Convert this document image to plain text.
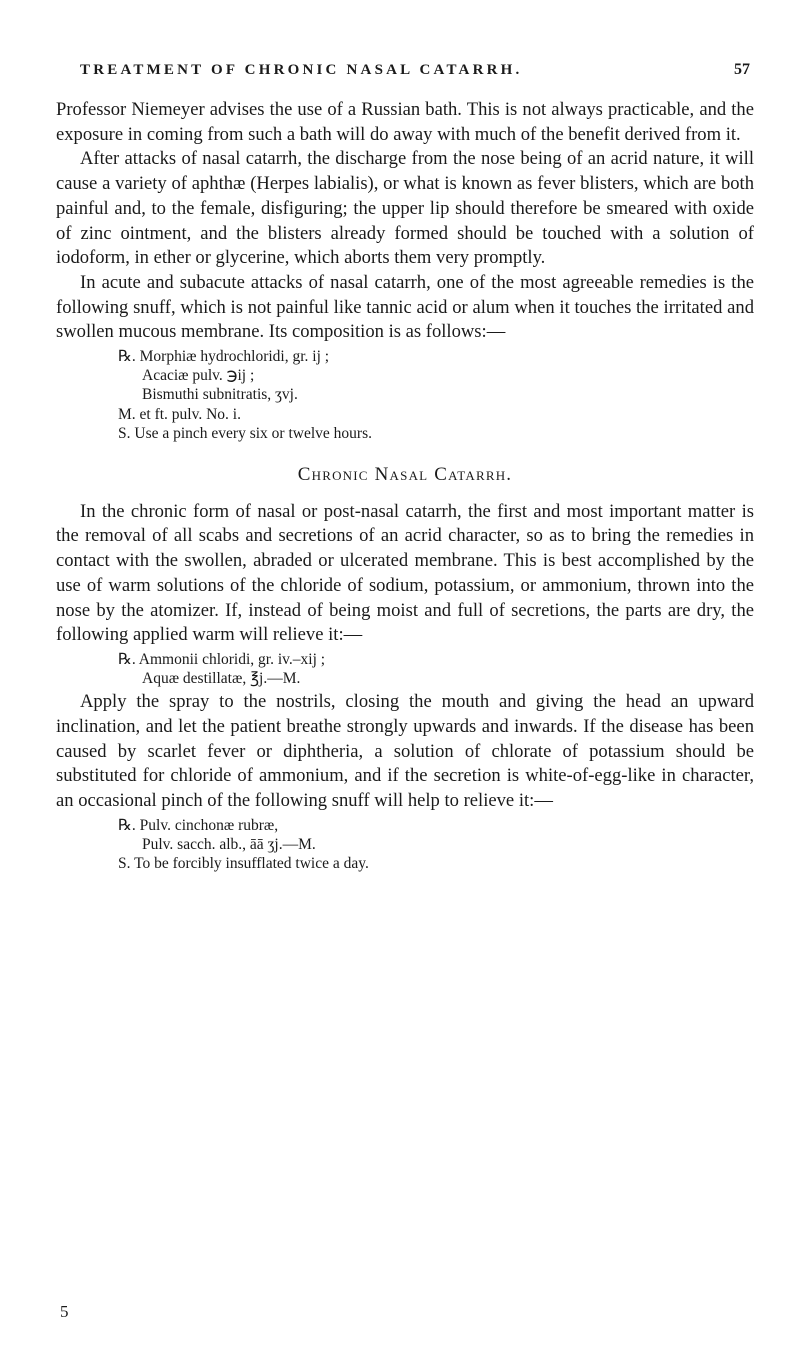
TREATMENT OF CHRONIC NASAL CATARRH.	57

Professor Niemeyer advises the use of a Russian bath. This is not always practicable, and the exposure in coming from such a bath will do away with much of the benefit derived from it.

After attacks of nasal catarrh, the discharge from the nose being of an acrid nature, it will cause a variety of aphthæ (Herpes labialis), or what is known as fever blisters, which are both painful and, to the female, disfiguring; the upper lip should therefore be smeared with oxide of zinc ointment, and the blisters already formed should be touched with a solution of iodoform, in ether or glycerine, which aborts them very promptly.

In acute and subacute attacks of nasal catarrh, one of the most agreeable remedies is the following snuff, which is not painful like tannic acid or alum when it touches the irritated and swollen mucous membrane. Its composition is as follows:—

℞. Morphiæ hydrochloridi, gr. ij ;
Acaciæ pulv. ℈ij ;
Bismuthi subnitratis, ʒvj.
M. et ft. pulv. No. i.
S. Use a pinch every six or twelve hours.
Chronic Nasal Catarrh.

In the chronic form of nasal or post-nasal catarrh, the first and most important matter is the removal of all scabs and secretions of an acrid character, so as to bring the remedies in contact with the swollen, abraded or ulcerated membrane. This is best accomplished by the use of warm solutions of the chloride of sodium, potassium, or ammonium, thrown into the nose by the atomizer. If, instead of being moist and full of secretions, the parts are dry, the following applied warm will relieve it:—

℞. Ammonii chloridi, gr. iv.–xij ;
Aquæ destillatæ, ℥j.—M.

Apply the spray to the nostrils, closing the mouth and giving the head an upward inclination, and let the patient breathe strongly upwards and inwards. If the disease has been caused by scarlet fever or diphtheria, a solution of chlorate of potassium should be substituted for chloride of ammonium, and if the secretion is white-of-egg-like in character, an occasional pinch of the following snuff will help to relieve it:—

℞. Pulv. cinchonæ rubræ,
Pulv. sacch. alb., āā ʒj.—M.
S. To be forcibly insufflated twice a day.
5
